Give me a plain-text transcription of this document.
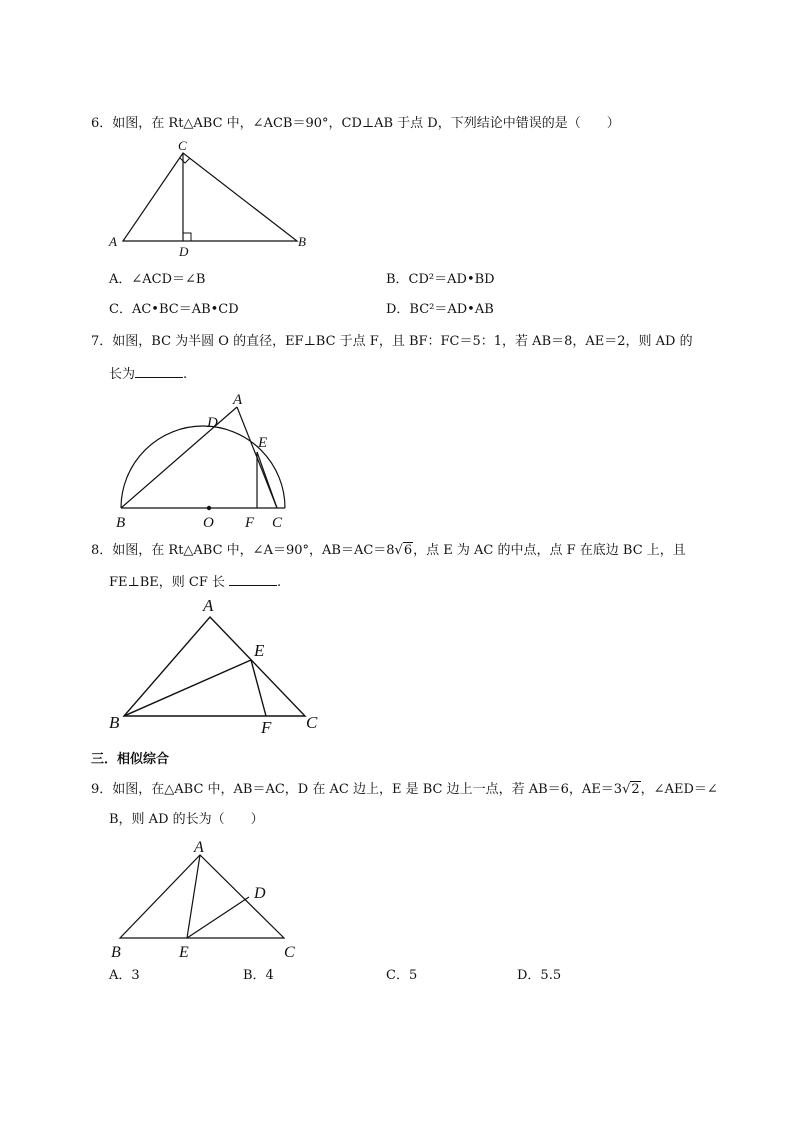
6．如图，在 Rt△ABC 中，∠ACB＝90°，CD⊥AB 于点 D，下列结论中错误的是（　　）
C
A	B
D
A．∠ACD＝∠B	B．CD²＝AD•BD
C．AC•BC＝AB•CD	D．BC²＝AD•AB
7．如图，BC 为半圆 O 的直径，EF⊥BC 于点 F，且 BF：FC＝5：1，若 AB＝8，AE＝2，则 AD 的
长为	.
A
D
E
B	O F C
8．如图，在 Rt△ABC 中，∠A＝90°，AB＝AC＝8√6，点 E 为 AC 的中点，点 F 在底边 BC 上，且
FE⊥BE，则 CF 长	.
A
E
B	F C
三．相似综合
9．如图，在△ABC 中，AB＝AC，D 在 AC 边上，E 是 BC 边上一点，若 AB＝6，AE＝3√2，∠AED＝∠
B，则 AD 的长为（　　）
A
D
B	E	C
A．3	B．4	C．5	D．5.5
